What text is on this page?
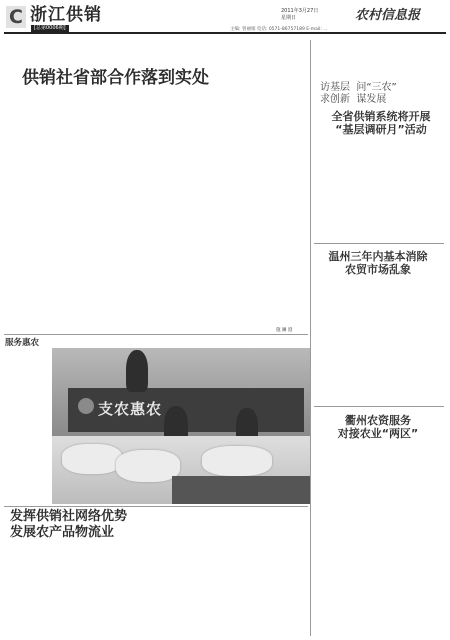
C 浙江供销
[总第0006期]
2011年3月27日
星期日	农村信息报
主编: 曾丽娟 电话: 0571-86757189 E-mail: ...
供销社省部合作落到实处
施 澜 澄
访基层  问“三农”
求创新  谋发展
全省供销系统将开展
“基层调研月”活动
温州三年内基本消除
农贸市场乱象
衢州农资服务
对接农业“两区”
服务惠农
支农惠农
发挥供销社网络优势
发展农产品物流业
